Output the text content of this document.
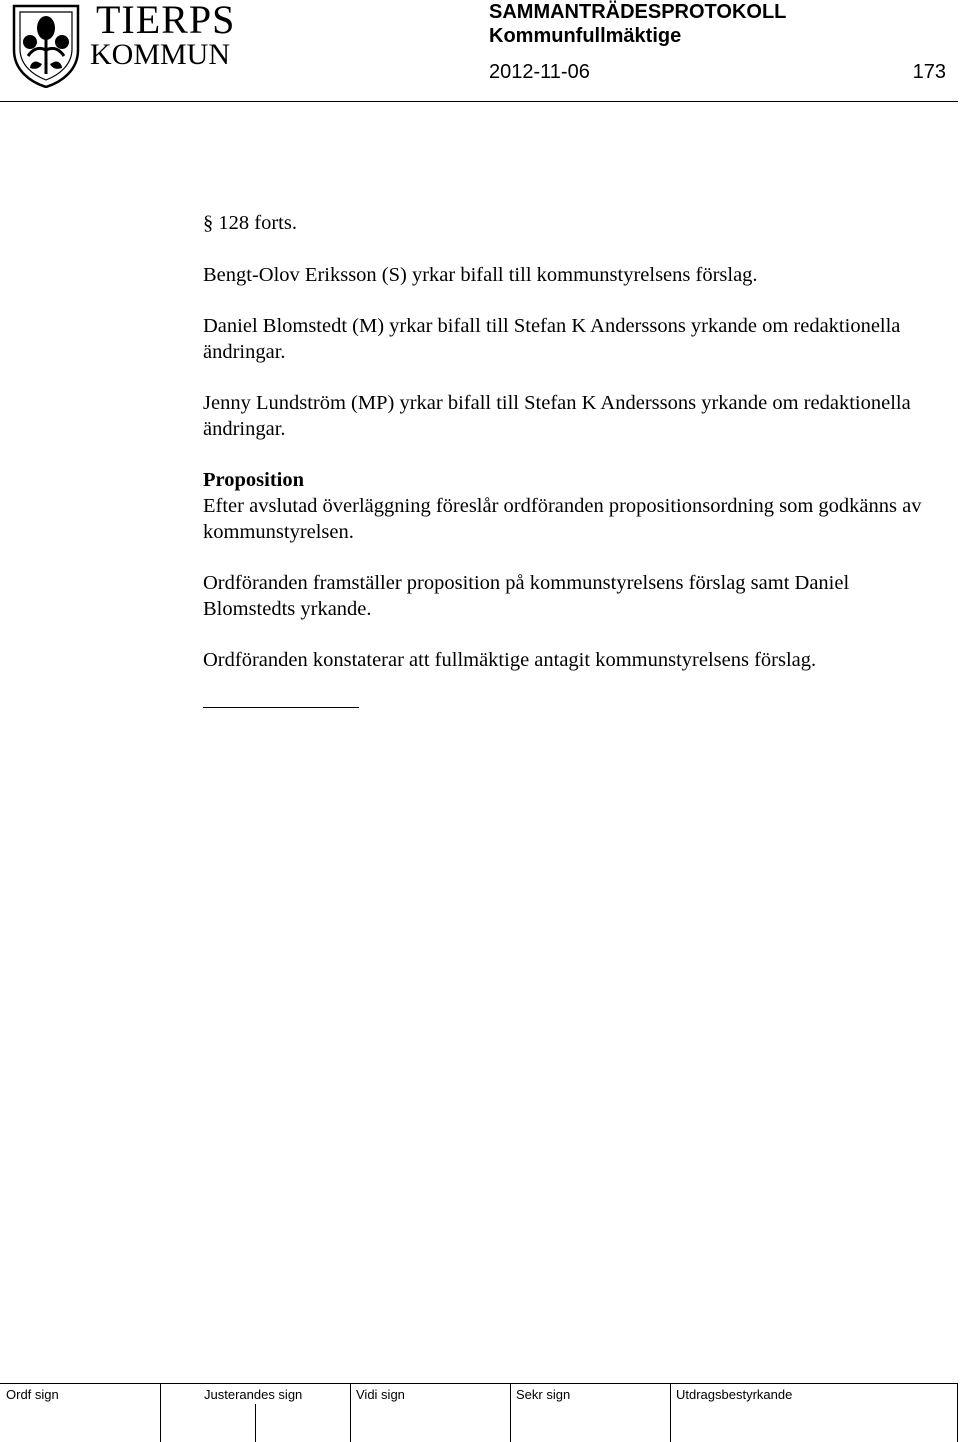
TIERPS
KOMMUN
SAMMANTRÄDESPROTOKOLL
Kommunfullmäktige
2012-11-06	173

§ 128 forts.

Bengt-Olov Eriksson (S) yrkar bifall till kommunstyrelsens förslag.

Daniel Blomstedt (M) yrkar bifall till Stefan K Anderssons yrkande om redaktionella ändringar.

Jenny Lundström (MP) yrkar bifall till Stefan K Anderssons yrkande om redaktionella ändringar.

Proposition

Efter avslutad överläggning föreslår ordföranden propositionsordning som godkänns av kommunstyrelsen.

Ordföranden framställer proposition på kommunstyrelsens förslag samt Daniel Blomstedts yrkande.

Ordföranden konstaterar att fullmäktige antagit kommunstyrelsens förslag.

Ordf sign	Justerandes sign	Vidi sign	Sekr sign	Utdragsbestyrkande
